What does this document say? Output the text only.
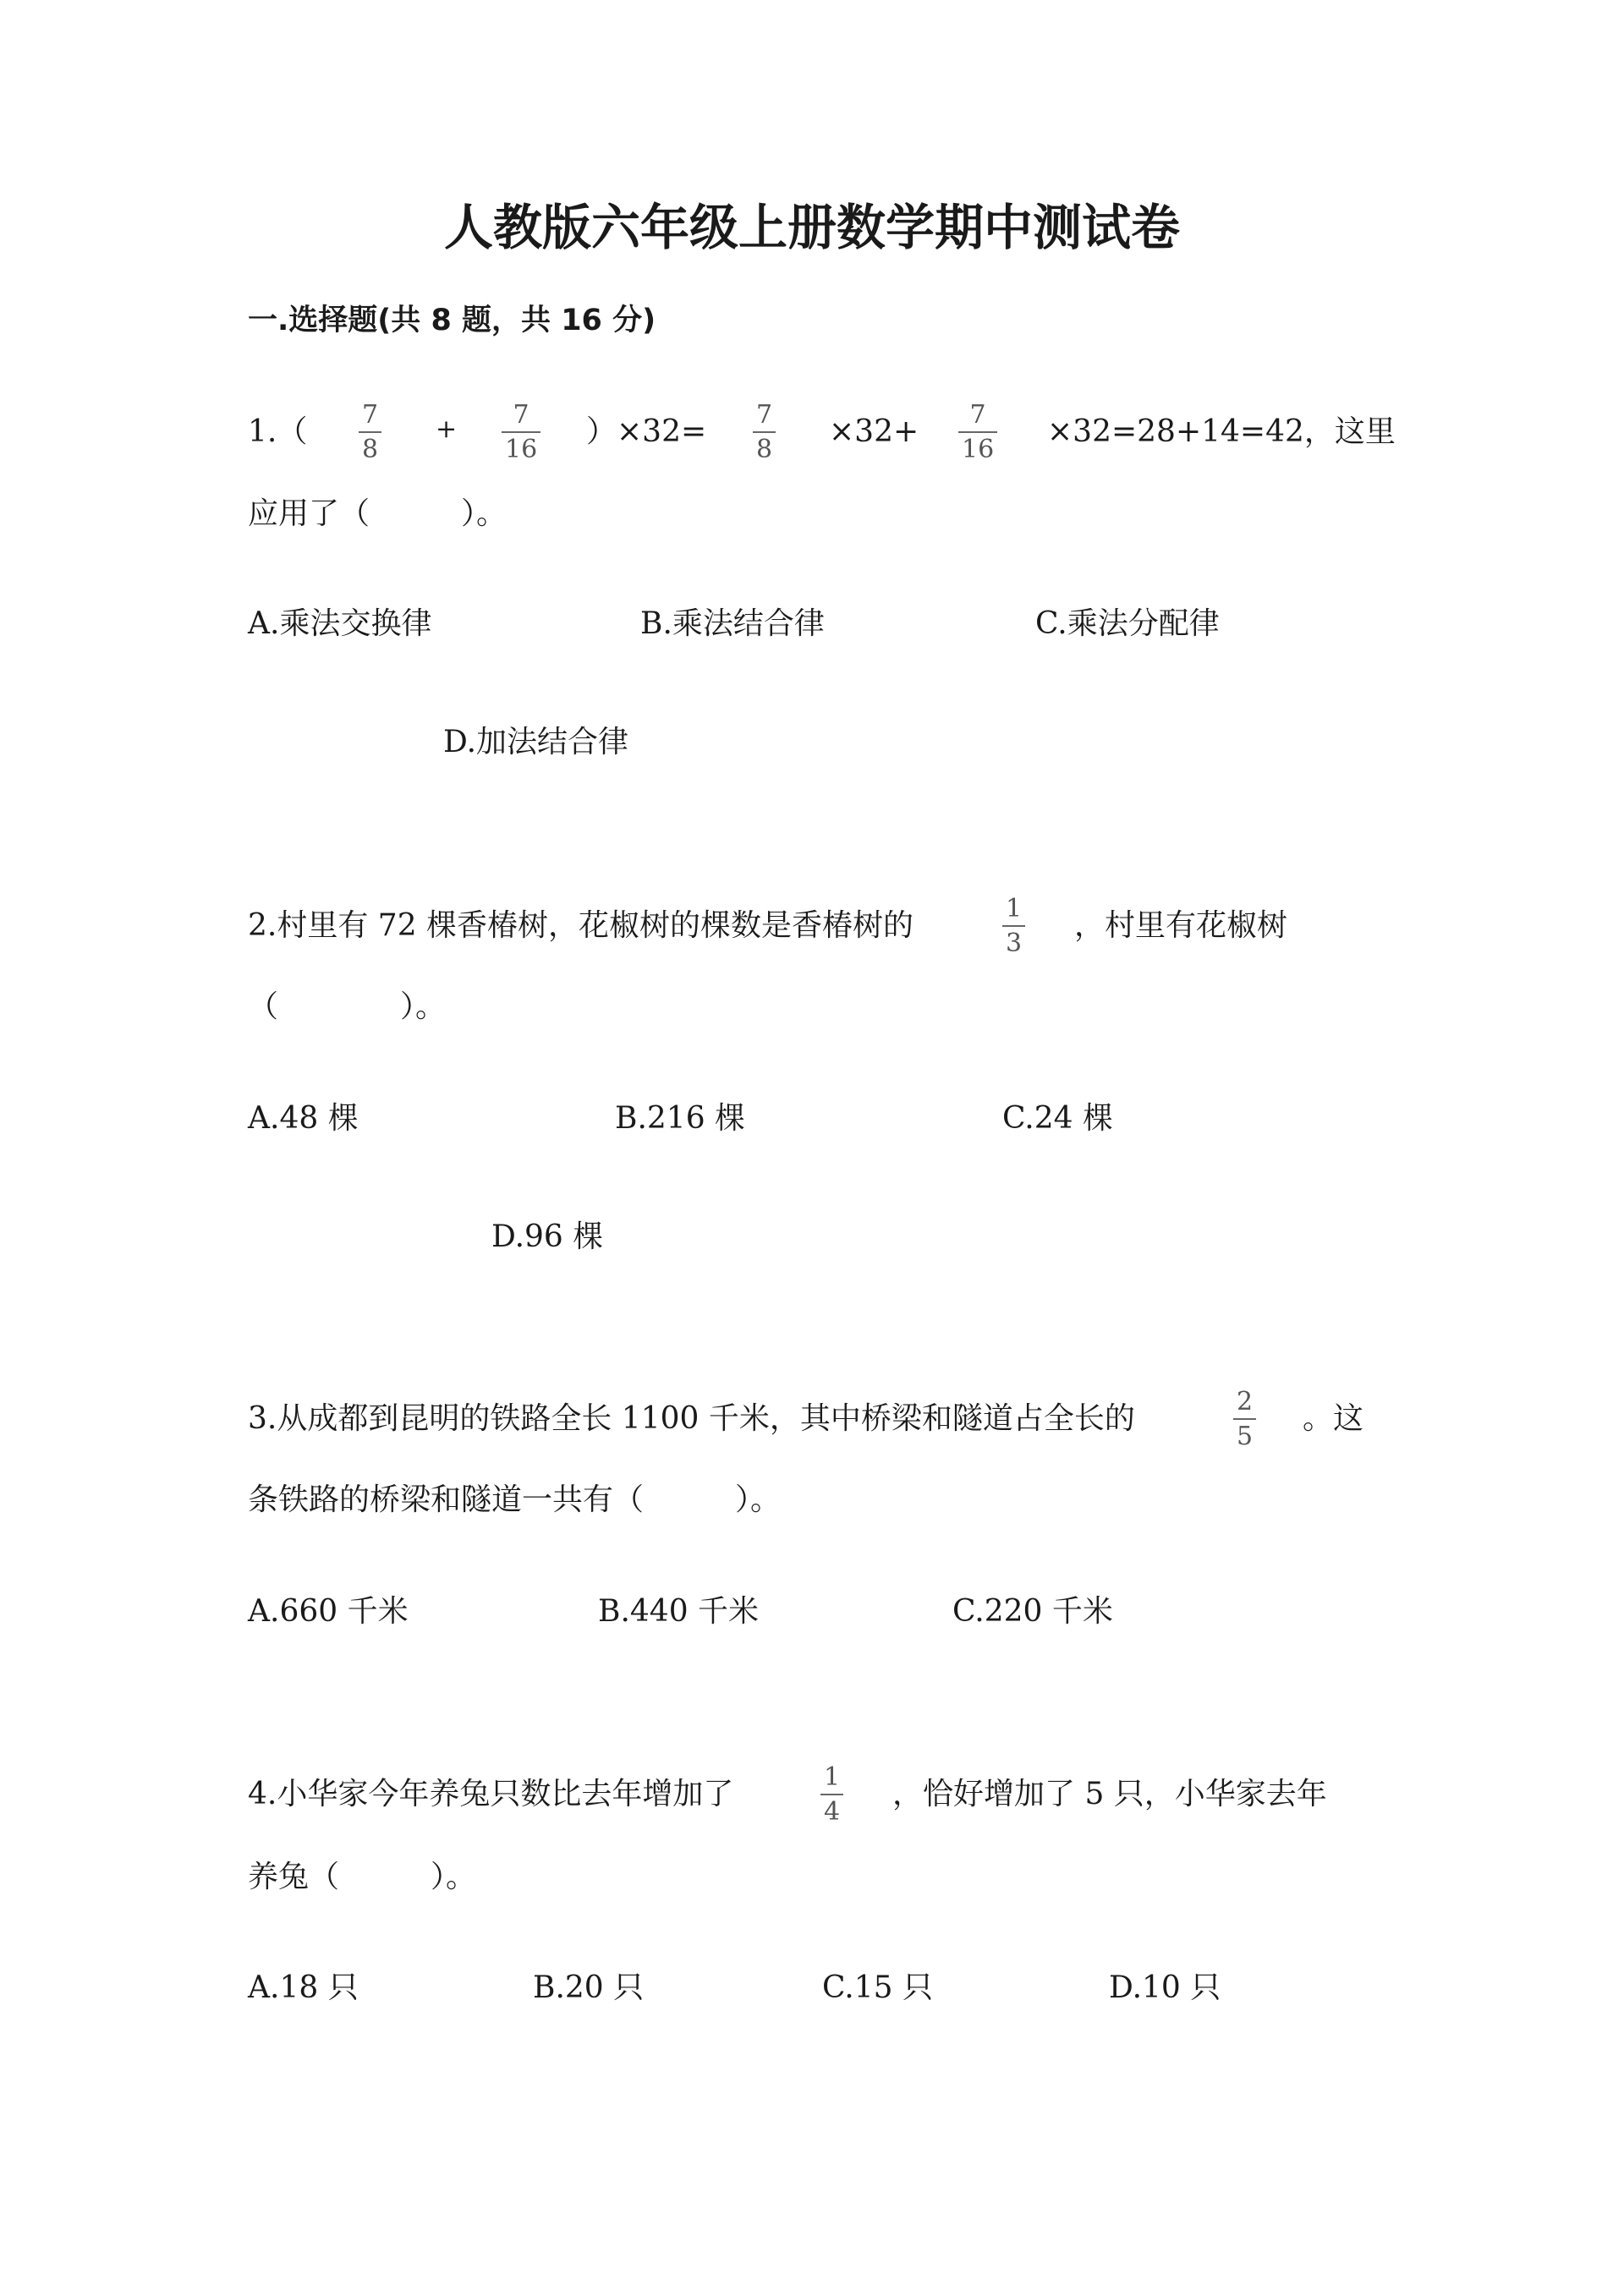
人教版六年级上册数学期中测试卷
一.选择题(共 8 题，共 16 分)
1.（ 7
8
+ 7
16
）×32= 7
8
×32+ 7
16
×32=28+14=42，这里
应用了（　　　）。
A.乘法交换律	B.乘法结合律	C.乘法分配律
D.加法结合律
2.村里有 72 棵香椿树，花椒树的棵数是香椿树的	1
3
，村里有花椒树
（　　　　）。
A.48 棵	B.216 棵	C.24 棵
D.96 棵
3.从成都到昆明的铁路全长 1100 千米，其中桥梁和隧道占全长的	2
5
。这
条铁路的桥梁和隧道一共有（　　　）。
A.660 千米	B.440 千米	C.220 千米
4.小华家今年养兔只数比去年增加了	1
4
，恰好增加了 5 只，小华家去年
养兔（　　　）。
A.18 只	B.20 只	C.15 只	D.10 只
